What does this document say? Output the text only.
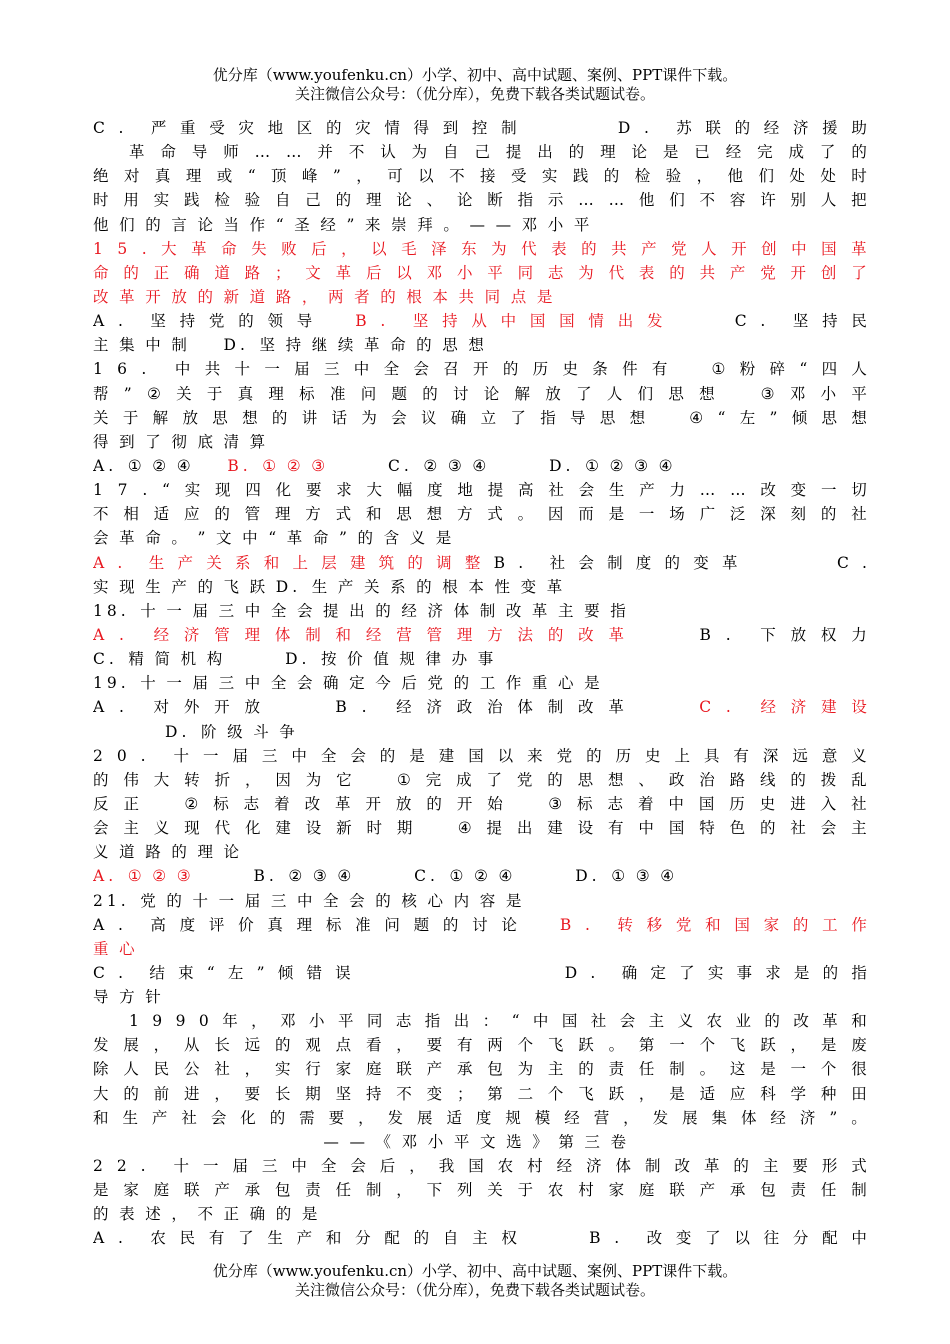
优分库（www.youfenku.cn）小学、初中、高中试题、案例、PPT课件下载。
关注微信公众号：（优分库），免费下载各类试题试卷。
C . 严 重 受 灾 地 区 的 灾 情 得 到 控 制

　	D . 苏 联 的 经 济 援 助
革 命 导 师 … … 并 不 认 为 自 己 提 出 的 理 论 是 已 经 完 成 了 的
绝 对 真 理 或 “ 顶 峰 ” ， 可 以 不 接 受 实 践 的 检 验 ， 他 们 处 处 时
时 用 实 践 检 验 自 己 的 理 论 、 论 断 指 示 … … 他 们 不 容 许 别 人 把
他 们 的 言 论 当 作 “ 圣 经 ” 来 崇 拜 。 — — 邓 小 平
1 5 . 大 革 命 失 败 后 ， 以 毛 泽 东 为 代 表 的 共 产 党 人 开 创 中 国 革
命 的 正 确 道 路 ； 文 革 后 以 邓 小 平 同 志 为 代 表 的 共 产 党 开 创 了
改 革 开 放 的 新 道 路 ， 两 者 的 根 本 共 同 点 是
A . 坚 持 党 的 领 导
　	B . 坚 持 从 中 国 国 情 出 发

　	C . 坚 持 民
主 集 中 制
　 D . 坚 持 继 续 革 命 的 思 想
1 6 . 中 共 十 一 届 三 中 全 会 召 开 的 历 史 条 件 有
　	① 粉 碎 “ 四 人
帮 ” ② 关 于 真 理 标 准 问 题 的 讨 论 解 放 了 人 们 思 想
　	③ 邓 小 平
关 于 解 放 思 想 的 讲 话 为 会 议 确 立 了 指 导 思 想
　	④ “ 左 ” 倾 思 想
得 到 了 彻 底 清 算
A . ① ② ④
　 B . ① ② ③

　	C . ② ③ ④

　	D . ① ② ③ ④
1 7 . “ 实 现 四 化 要 求 大 幅 度 地 提 高 社 会 生 产 力 … … 改 变 一 切
不 相 适 应 的 管 理 方 式 和 思 想 方 式 。 因 而 是 一 场 广 泛 深 刻 的 社
会 革 命 。 ” 文 中 “ 革 命 ” 的 含 义 是
A . 生 产 关 系 和 上 层 建 筑 的 调 整 B . 社 会 制 度 的 变 革

　	C .
实 现 生 产 的 飞 跃 D . 生 产 关 系 的 根 本 性 变 革
1 8 . 十 一 届 三 中 全 会 提 出 的 经 济 体 制 改 革 主 要 指
A . 经 济 管 理 体 制 和 经 营 管 理 方 法 的 改 革

　	B . 下 放 权 力
C . 精 简 机 构

　	D . 按 价 值 规 律 办 事
1 9 . 十 一 届 三 中 全 会 确 定 今 后 党 的 工 作 重 心 是
A . 对 外 开 放

　	B . 经 济 政 治 体 制 改 革

　	C . 经 济 建 设
D . 阶 级 斗 争
2 0 . 十 一 届 三 中 全 会 的 是 建 国 以 来 党 的 历 史 上 具 有 深 远 意 义
的 伟 大 转 折 ， 因 为 它
　	① 完 成 了 党 的 思 想 、 政 治 路 线 的 拨 乱
反 正
　	② 标 志 着 改 革 开 放 的 开 始
　	③ 标 志 着 中 国 历 史 进 入 社
会 主 义 现 代 化 建 设 新 时 期
　	④ 提 出 建 设 有 中 国 特 色 的 社 会 主
义 道 路 的 理 论
A . ① ② ③

　	B . ② ③ ④

　	C . ① ② ④

　	D . ① ③ ④
2 1 . 党 的 十 一 届 三 中 全 会 的 核 心 内 容 是
A . 高 度 评 价 真 理 标 准 问 题 的 讨 论
　	B . 转 移 党 和 国 家 的 工 作
重 心
C . 结 束 “ 左 ” 倾 错 误

　	D . 确 定 了 实 事 求 是 的 指
导 方 针
1 9 9 0 年 ， 邓 小 平 同 志 指 出 ： “ 中 国 社 会 主 义 农 业 的 改 革 和
发 展 ， 从 长 远 的 观 点 看 ， 要 有 两 个 飞 跃 。 第 一 个 飞 跃 ， 是 废
除 人 民 公 社 ， 实 行 家 庭 联 产 承 包 为 主 的 责 任 制 。 这 是 一 个 很
大 的 前 进 ， 要 长 期 坚 持 不 变 ； 第 二 个 飞 跃 ， 是 适 应 科 学 种 田
和 生 产 社 会 化 的 需 要 ， 发 展 适 度 规 模 经 营 ， 发 展 集 体 经 济 ” 。
— — 《 邓 小 平 文 选 》 第 三 卷
2 2 . 十 一 届 三 中 全 会 后 ， 我 国 农 村 经 济 体 制 改 革 的 主 要 形 式
是 家 庭 联 产 承 包 责 任 制 ， 下 列 关 于 农 村 家 庭 联 产 承 包 责 任 制
的 表 述 ， 不 正 确 的 是
A . 农 民 有 了 生 产 和 分 配 的 自 主 权

　	B . 改 变 了 以 往 分 配 中
优分库（www.youfenku.cn）小学、初中、高中试题、案例、PPT课件下载。
关注微信公众号：（优分库），免费下载各类试题试卷。
